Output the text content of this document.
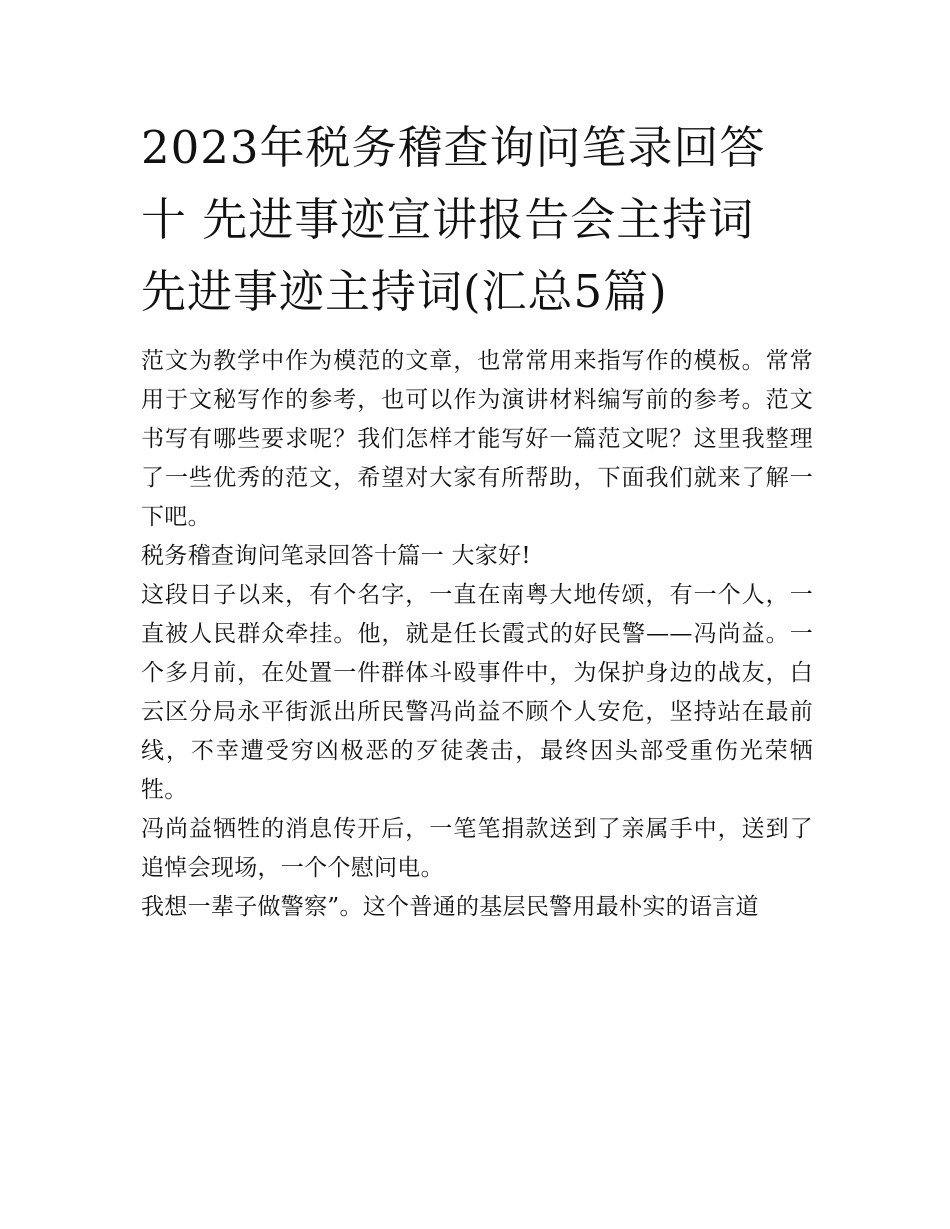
2023年税务稽查询问笔录回答
十 先进事迹宣讲报告会主持词
先进事迹主持词(汇总5篇)

范文为教学中作为模范的文章，也常常用来指写作的模板。常常用于文秘写作的参考，也可以作为演讲材料编写前的参考。范文书写有哪些要求呢？我们怎样才能写好一篇范文呢？这里我整理了一些优秀的范文，希望对大家有所帮助，下面我们就来了解一下吧。

税务稽查询问笔录回答十篇一 大家好!

这段日子以来，有个名字，一直在南粤大地传颂，有一个人，一直被人民群众牵挂。他，就是任长霞式的好民警——冯尚益。一个多月前，在处置一件群体斗殴事件中，为保护身边的战友，白云区分局永平街派出所民警冯尚益不顾个人安危，坚持站在最前线，不幸遭受穷凶极恶的歹徒袭击，最终因头部受重伤光荣牺牲。

冯尚益牺牲的消息传开后，一笔笔捐款送到了亲属手中，送到了追悼会现场，一个个慰问电。

我想一辈子做警察”。这个普通的基层民警用最朴实的语言道
